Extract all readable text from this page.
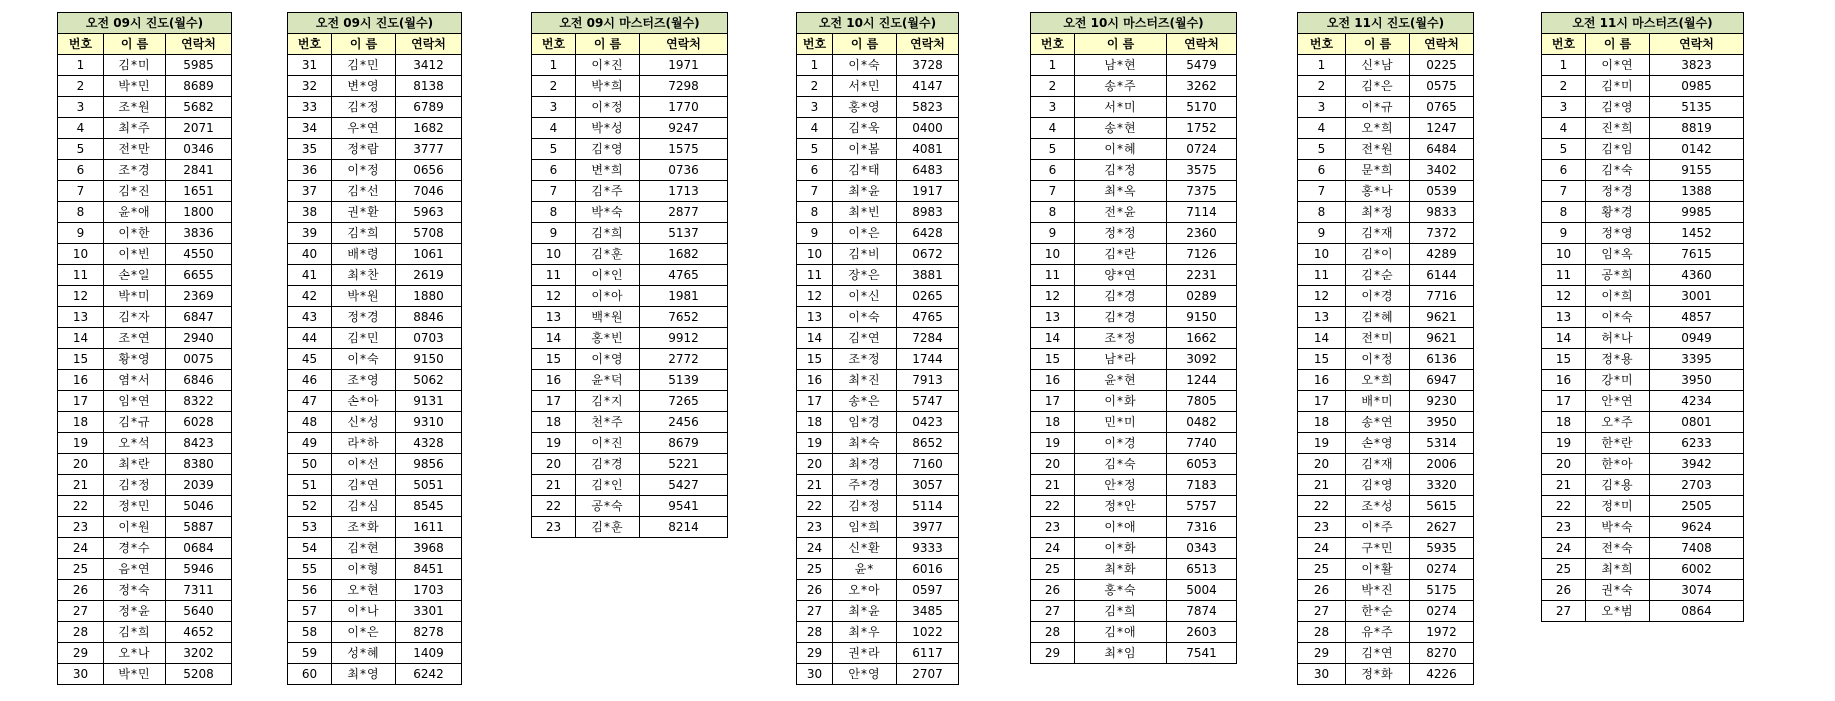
오전 09시 진도(월수)		
번호	이 름	연락처
1	김*미	5985
2	박*민	8689
3	조*원	5682
4	최*주	2071
5	전*만	0346
6	조*경	2841
7	김*진	1651
8	윤*애	1800
9	이*한	3836
10	이*빈	4550
11	손*일	6655
12	박*미	2369
13	김*자	6847
14	조*연	2940
15	황*영	0075
16	염*서	6846
17	임*연	8322
18	김*규	6028
19	오*석	8423
20	최*란	8380
21	김*정	2039
22	정*민	5046
23	이*원	5887
24	경*수	0684
25	음*연	5946
26	정*숙	7311
27	정*윤	5640
28	김*희	4652
29	오*나	3202
30	박*민	5208
오전 09시 진도(월수)		
번호	이 름	연락처
31	김*민	3412
32	변*영	8138
33	김*정	6789
34	우*연	1682
35	정*람	3777
36	이*정	0656
37	김*선	7046
38	권*환	5963
39	김*희	5708
40	배*령	1061
41	최*찬	2619
42	박*원	1880
43	정*경	8846
44	김*민	0703
45	이*숙	9150
46	조*영	5062
47	손*아	9131
48	신*성	9310
49	라*하	4328
50	이*선	9856
51	김*연	5051
52	김*심	8545
53	조*화	1611
54	김*현	3968
55	이*형	8451
56	오*현	1703
57	이*나	3301
58	이*은	8278
59	성*혜	1409
60	최*영	6242
오전 09시 마스터즈(월수)		
번호	이 름	연락처
1	이*진	1971
2	박*희	7298
3	이*정	1770
4	박*성	9247
5	김*영	1575
6	변*희	0736
7	김*주	1713
8	박*숙	2877
9	김*희	5137
10	김*훈	1682
11	이*인	4765
12	이*아	1981
13	백*원	7652
14	홍*빈	9912
15	이*영	2772
16	윤*덕	5139
17	김*지	7265
18	천*주	2456
19	이*진	8679
20	김*경	5221
21	김*인	5427
22	공*숙	9541
23	김*훈	8214
오전 10시 진도(월수)		
번호	이 름	연락처
1	이*숙	3728
2	서*민	4147
3	홍*영	5823
4	김*욱	0400
5	이*봄	4081
6	김*태	6483
7	최*윤	1917
8	최*빈	8983
9	이*은	6428
10	김*비	0672
11	장*은	3881
12	이*신	0265
13	이*숙	4765
14	김*연	7284
15	조*정	1744
16	최*진	7913
17	송*은	5747
18	임*경	0423
19	최*숙	8652
20	최*경	7160
21	주*경	3057
22	김*정	5114
23	임*희	3977
24	신*환	9333
25	윤*	6016
26	오*아	0597
27	최*윤	3485
28	최*우	1022
29	권*라	6117
30	안*영	2707
오전 10시 마스터즈(월수)		
번호	이 름	연락처
1	남*현	5479
2	송*주	3262
3	서*미	5170
4	송*현	1752
5	이*혜	0724
6	김*정	3575
7	최*옥	7375
8	전*윤	7114
9	정*정	2360
10	김*란	7126
11	양*연	2231
12	김*경	0289
13	김*경	9150
14	조*정	1662
15	남*라	3092
16	윤*현	1244
17	이*화	7805
18	민*미	0482
19	이*경	7740
20	김*숙	6053
21	안*정	7183
22	정*안	5757
23	이*애	7316
24	이*화	0343
25	최*화	6513
26	홍*숙	5004
27	김*희	7874
28	김*애	2603
29	최*임	7541
오전 11시 진도(월수)		
번호	이 름	연락처
1	신*남	0225
2	김*은	0575
3	이*규	0765
4	오*희	1247
5	전*원	6484
6	문*희	3402
7	홍*나	0539
8	최*정	9833
9	김*재	7372
10	김*이	4289
11	김*순	6144
12	이*경	7716
13	김*혜	9621
14	전*미	9621
15	이*정	6136
16	오*희	6947
17	배*미	9230
18	송*연	3950
19	손*영	5314
20	김*재	2006
21	김*영	3320
22	조*성	5615
23	이*주	2627
24	구*민	5935
25	이*활	0274
26	박*진	5175
27	한*순	0274
28	유*주	1972
29	김*연	8270
30	정*화	4226
오전 11시 마스터즈(월수)		
번호	이 름	연락처
1	이*연	3823
2	김*미	0985
3	김*영	5135
4	진*희	8819
5	김*임	0142
6	김*숙	9155
7	정*경	1388
8	황*경	9985
9	정*영	1452
10	임*옥	7615
11	공*희	4360
12	이*희	3001
13	이*숙	4857
14	허*나	0949
15	정*용	3395
16	강*미	3950
17	안*연	4234
18	오*주	0801
19	한*란	6233
20	한*아	3942
21	김*용	2703
22	정*미	2505
23	박*숙	9624
24	전*숙	7408
25	최*희	6002
26	권*숙	3074
27	오*범	0864
